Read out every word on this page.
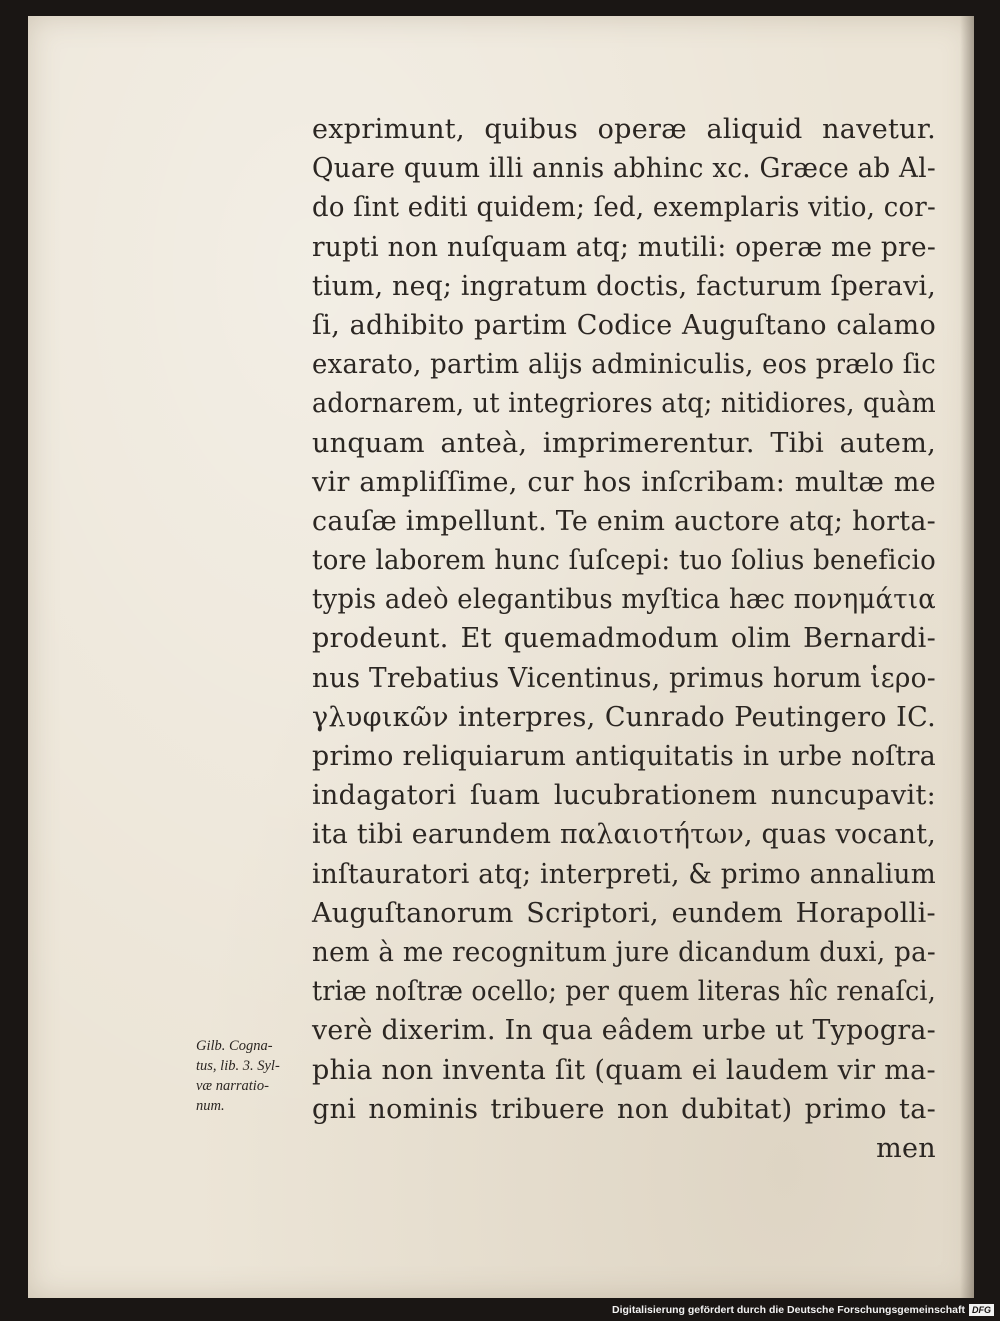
exprimunt, quibus operæ aliquid navetur.
Quare quum illi annis abhinc xc. Græce ab Al-
do ſint editi quidem; ſed, exemplaris vitio, cor-
rupti non nuſquam atq; mutili: operæ me pre-
tium, neq; ingratum doctis, facturum ſperavi,
ſi, adhibito partim Codice Auguſtano calamo
exarato, partim alijs adminiculis, eos prælo ſic
adornarem, ut integriores atq; nitidiores, quàm
unquam anteà, imprimerentur. Tibi autem,
vir ampliſſime, cur hos inſcribam: multæ me
cauſæ impellunt. Te enim auctore atq; horta-
tore laborem hunc ſuſcepi: tuo ſolius beneficio
typis adeò elegantibus myſtica hæc πονημάτια
prodeunt. Et quemadmodum olim Bernardi-
nus Trebatius Vicentinus, primus horum ἱερο-
γλυφικῶν interpres, Cunrado Peutingero IC.
primo reliquiarum antiquitatis in urbe noſtra
indagatori ſuam lucubrationem nuncupavit:
ita tibi earundem παλαιοτήτων, quas vocant,
inſtauratori atq; interpreti, & primo annalium
Auguſtanorum Scriptori, eundem Horapolli-
nem à me recognitum jure dicandum duxi, pa-
triæ noſtræ ocello; per quem literas hîc renaſci,
verè dixerim. In qua eâdem urbe ut Typogra-
phia non inventa ſit (quam ei laudem vir ma-
gni nominis tribuere non dubitat) primo ta-
men
Gilb. Cogna-
tus, lib. 3. Syl-
væ narratio-
num.
Digitalisierung gefördert durch die Deutsche Forschungsgemeinschaft DFG
